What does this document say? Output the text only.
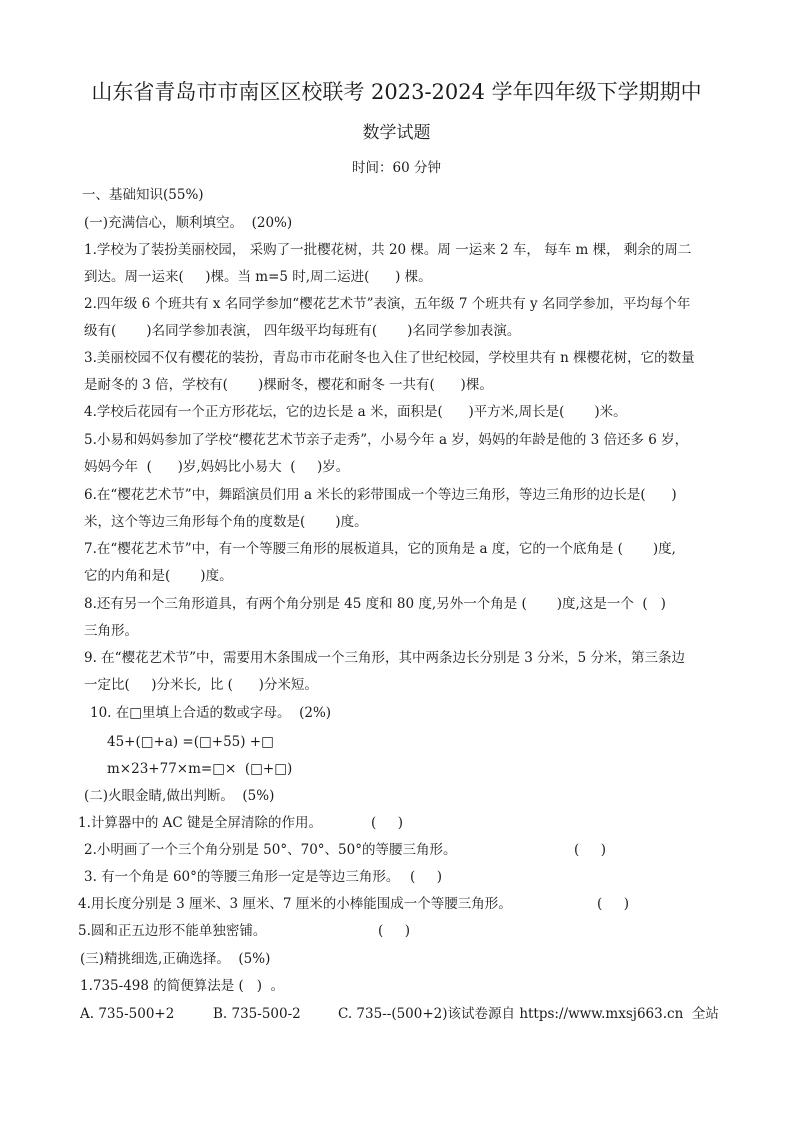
山东省青岛市市南区区校联考 2023-2024 学年四年级下学期期中
数学试题
时间：60 分钟
一、基础知识(55%)
(一)充满信心，顺利填空。  (20%)
1.学校为了装扮美丽校园， 采购了一批樱花树，共 20 棵。周 一运来 2 车， 每车 m 棵， 剩余的周二
到达。周一运来(     )棵。当 m=5 时,周二运进(      ) 棵。
2.四年级 6 个班共有 x 名同学参加“樱花艺术节”表演，五年级 7 个班共有 y 名同学参加，平均每个年
级有(       )名同学参加表演， 四年级平均每班有(       )名同学参加表演。
3.美丽校园不仅有樱花的装扮，青岛市市花耐冬也入住了世纪校园，学校里共有 n 棵樱花树，它的数量
是耐冬的 3 倍，学校有(       )棵耐冬，樱花和耐冬 一共有(      )棵。
4.学校后花园有一个正方形花坛，它的边长是 a 米，面积是(      )平方米,周长是(       )米。
5.小易和妈妈参加了学校“樱花艺术节亲子走秀”，小易今年 a 岁，妈妈的年龄是他的 3 倍还多 6 岁，
妈妈今年  (      )岁,妈妈比小易大  (     )岁。
6.在“樱花艺术节”中，舞蹈演员们用 a 米长的彩带围成一个等边三角形，等边三角形的边长是(      )
米，这个等边三角形每个角的度数是(       )度。
7.在“樱花艺术节”中，有一个等腰三角形的展板道具，它的顶角是 a 度，它的一个底角是 (       )度,
它的内角和是(       )度。
8.还有另一个三角形道具，有两个角分别是 45 度和 80 度,另外一个角是 (       )度,这是一个  (   )
三角形。
9. 在“樱花艺术节”中，需要用木条围成一个三角形，其中两条边长分别是 3 分米，5 分米，第三条边
一定比(     )分米长,  比 (      )分米短。
10. 在□里填上合适的数或字母。  (2%)
45+(□+a) =(□+55) +□
m×23+77×m=□×  (□+□)
(二)火眼金睛,做出判断。  (5%)
1.计算器中的 AC 键是全屏清除的作用。	(     )
2.小明画了一个三个角分别是 50°、70°、50°的等腰三角形。	(     )
3. 有一个角是 60°的等腰三角形一定是等边三角形。 (     )
4.用长度分别是 3 厘米、3 厘米、7 厘米的小棒能围成一个等腰三角形。	(     )
5.圆和正五边形不能单独密铺。	(     )
(三)精挑细选,正确选择。  (5%)
1.735-498 的简便算法是 (   )  。
A. 735-500+2	B. 735-500-2	C. 735--(500+2)该试卷源自 https://www.mxsj663.cn  全站
